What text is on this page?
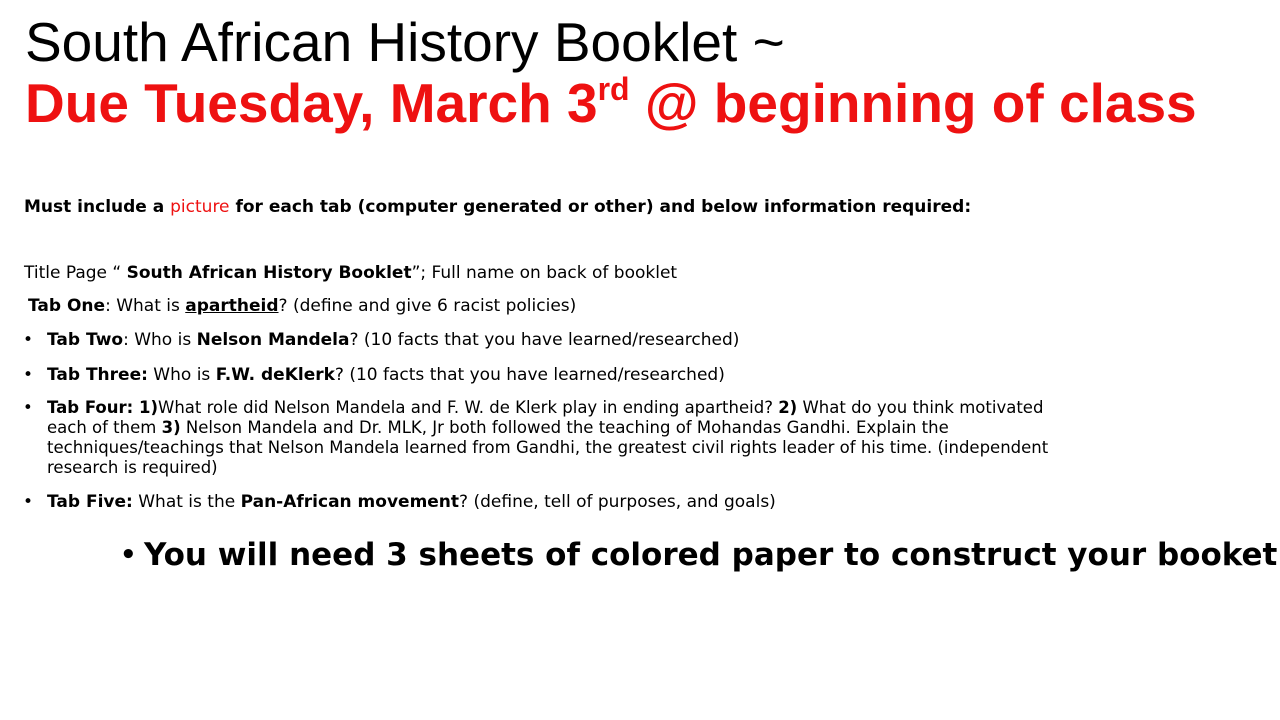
South African History Booklet ~
Due Tuesday, March 3rd @ beginning of class
Must include a picture for each tab (computer generated or other) and below information required:
Title Page “ South African History Booklet”; Full name on back of booklet
Tab One: What is apartheid? (define and give 6 racist policies)
• Tab Two: Who is Nelson Mandela? (10 facts that you have learned/researched)
• Tab Three: Who is F.W. deKlerk? (10 facts that you have learned/researched)
• Tab Four: 1)What role did Nelson Mandela and F. W. de Klerk play in ending apartheid? 2) What do you think motivated
each of them 3) Nelson Mandela and Dr. MLK, Jr both followed the teaching of Mohandas Gandhi. Explain the
techniques/teachings that Nelson Mandela learned from Gandhi, the greatest civil rights leader of his time. (independent
research is required)
• Tab Five: What is the Pan-African movement? (define, tell of purposes, and goals)
• You will need 3 sheets of colored paper to construct your booket
